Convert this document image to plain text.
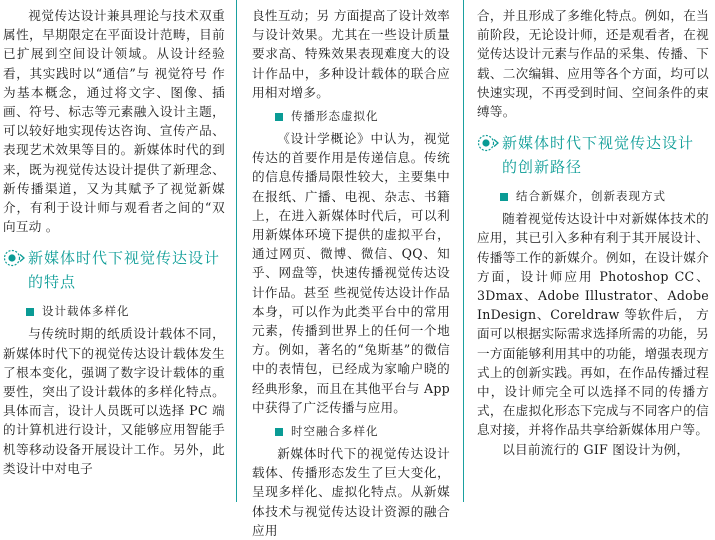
视觉传达设计兼具理论与技术双重属性，早期限定在平面设计范畴，目前已扩展到空间设计领域。从设计经验看，其实践时以“通信”与 视觉符号 作为基本概念，通过将文字、图像、插画、符号、标志等元素融入设计主题，可以较好地实现传达咨询、宣传产品、表现艺术效果等目的。新媒体时代的到来，既为视觉传达设计提供了新理念、新传播渠道，又为其赋予了视觉新媒介，有利于设计师与观看者之间的“双向互动 。

新媒体时代下视觉传达设计的特点
设计载体多样化

与传统时期的纸质设计载体不同，新媒体时代下的视觉传达设计载体发生了根本变化，强调了数字设计载体的重要性，突出了设计载体的多样化特点。具体而言，设计人员既可以选择 PC 端的计算机进行设计，又能够应用智能手机等移动设备开展设计工作。另外，此类设计中对电子

良性互动；另 方面提高了设计效率与设计效果。尤其在一些设计质量要求高、特殊效果表现难度大的设计作品中，多种设计载体的联合应用相对增多。

传播形态虚拟化

《设计学概论》中认为，视觉传达的首要作用是传递信息。传统的信息传播局限性较大，主要集中在报纸、广播、电视、杂志、书籍上，在进入新媒体时代后，可以利用新媒体环境下提供的虚拟平台，通过网页、微博、微信、QQ、知乎、网盘等，快速传播视觉传达设计作品。甚至 些视觉传达设计作品本身，可以作为此类平台中的常用元素，传播到世界上的任何一个地方。例如，著名的“兔斯基”的微信中的表情包，已经成为家喻户晓的经典形象，而且在其他平台与 App 中获得了广泛传播与应用。

时空融合多样化

新媒体时代下的视觉传达设计载体、传播形态发生了巨大变化，呈现多样化、虚拟化特点。从新媒体技术与视觉传达设计资源的融合应用

合，并且形成了多维化特点。例如，在当前阶段，无论设计师，还是观看者，在视觉传达设计元素与作品的采集、传播、下载、二次编辑、应用等各个方面，均可以快速实现，不再受到时间、空间条件的束缚等。

新媒体时代下视觉传达设计的创新路径
结合新媒介，创新表现方式

随着视觉传达设计中对新媒体技术的应用，其已引入多种有利于其开展设计、传播等工作的新媒介。例如，在设计媒介方面，设计师应用 Photoshop CC、3Dmax、Adobe Illustrator、Adobe InDesign、Coreldraw 等软件后， 方面可以根据实际需求选择所需的功能，另一方面能够利用其中的功能，增强表现方式上的创新实践。再如，在作品传播过程中，设计师完全可以选择不同的传播方式，在虚拟化形态下完成与不同客户的信息对接，并将作品共享给新媒体用户等。

以目前流行的 GIF 图设计为例，
